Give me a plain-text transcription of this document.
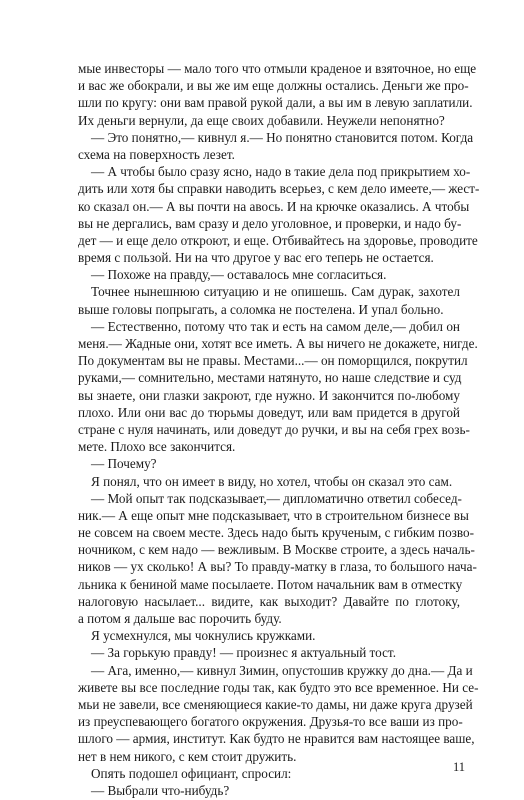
мые инвесторы — мало того что отмыли краденое и взяточное, но еще
и вас же обокрали, и вы же им еще должны остались. Деньги же про-
шли по кругу: они вам правой рукой дали, а вы им в левую заплатили.
Их деньги вернули, да еще своих добавили. Неужели непонятно?
— Это понятно,— кивнул я.— Но понятно становится потом. Когда
схема на поверхность лезет.
— А чтобы было сразу ясно, надо в такие дела под прикрытием хо-
дить или хотя бы справки наводить всерьез, с кем дело имеете,— жест-
ко сказал он.— А вы почти на авось. И на крючке оказались. А чтобы
вы не дергались, вам сразу и дело уголовное, и проверки, и надо бу-
дет — и еще дело откроют, и еще. Отбивайтесь на здоровье, проводите
время с пользой. Ни на что другое у вас его теперь не остается.
— Похоже на правду,— оставалось мне согласиться.
Точнее нынешнюю ситуацию и не опишешь. Сам дурак, захотел
выше головы попрыгать, а соломка не постелена. И упал больно.
— Естественно, потому что так и есть на самом деле,— добил он
меня.— Жадные они, хотят все иметь. А вы ничего не докажете, нигде.
По документам вы не правы. Местами...— он поморщился, покрутил
руками,— сомнительно, местами натянуто, но наше следствие и суд
вы знаете, они глазки закроют, где нужно. И закончится по-любому
плохо. Или они вас до тюрьмы доведут, или вам придется в другой
стране с нуля начинать, или доведут до ручки, и вы на себя грех возь-
мете. Плохо все закончится.
— Почему?
Я понял, что он имеет в виду, но хотел, чтобы он сказал это сам.
— Мой опыт так подсказывает,— дипломатично ответил собесед-
ник.— А еще опыт мне подсказывает, что в строительном бизнесе вы
не совсем на своем месте. Здесь надо быть крученым, с гибким позво-
ночником, с кем надо — вежливым. В Москве строите, а здесь началь-
ников — ух сколько! А вы? То правду-матку в глаза, то большого нача-
льника к бениной маме посылаете. Потом начальник вам в отместку
налоговую насылает... видите, как выходит? Давайте по глотоку,
а потом я дальше вас порочить буду.
Я усмехнулся, мы чокнулись кружками.
— За горькую правду! — произнес я актуальный тост.
— Ага, именно,— кивнул Зимин, опустошив кружку до дна.— Да и
живете вы все последние годы так, как будто это все временное. Ни се-
мьи не завели, все сменяющиеся какие-то дамы, ни даже круга друзей
из преуспевающего богатого окружения. Друзья-то все ваши из про-
шлого — армия, институт. Как будто не нравится вам настоящее ваше,
нет в нем никого, с кем стоит дружить.
Опять подошел официант, спросил:
— Выбрали что-нибудь?
11
